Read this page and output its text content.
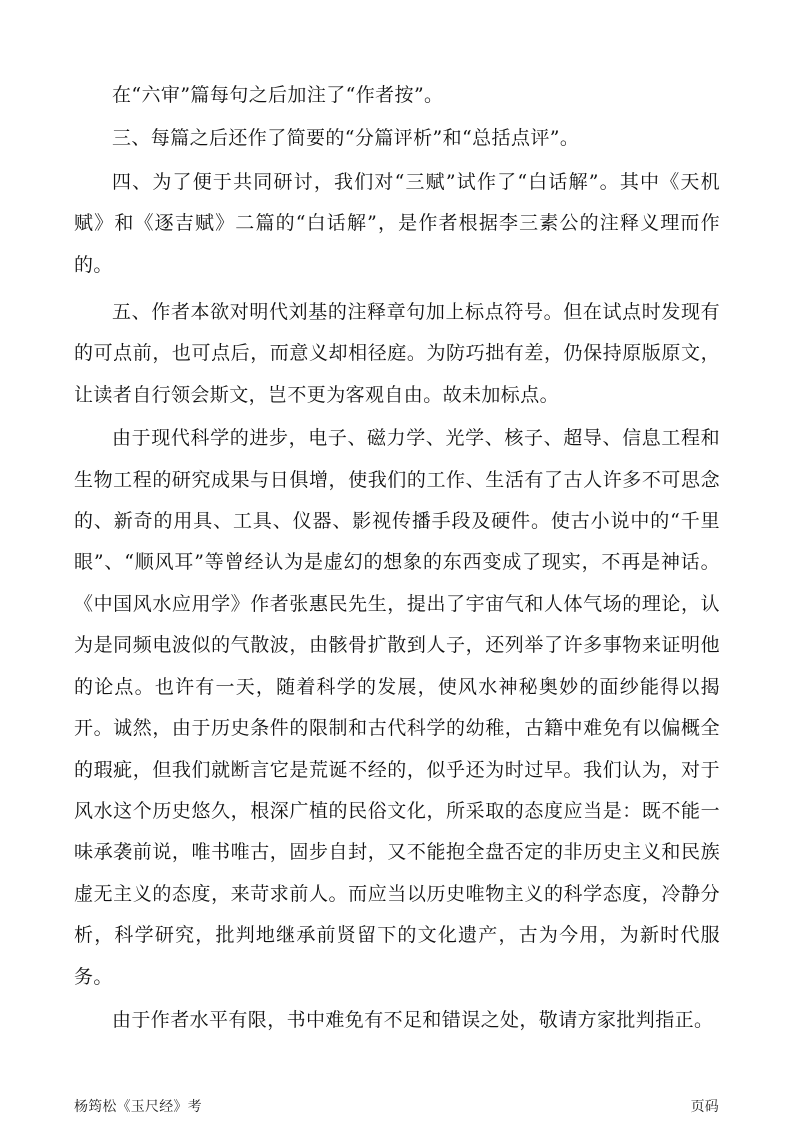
在“六审”篇每句之后加注了“作者按”。

三、每篇之后还作了简要的“分篇评析”和“总括点评”。

四、为了便于共同研讨，我们对“三赋”试作了“白话解”。其中《天机赋》和《逐吉赋》二篇的“白话解”，是作者根据李三素公的注释义理而作的。

五、作者本欲对明代刘基的注释章句加上标点符号。但在试点时发现有的可点前，也可点后，而意义却相径庭。为防巧拙有差，仍保持原版原文，让读者自行领会斯文，岂不更为客观自由。故未加标点。

由于现代科学的进步，电子、磁力学、光学、核子、超导、信息工程和生物工程的研究成果与日俱增，使我们的工作、生活有了古人许多不可思念的、新奇的用具、工具、仪器、影视传播手段及硬件。使古小说中的“千里眼”、“顺风耳”等曾经认为是虚幻的想象的东西变成了现实，不再是神话。《中国风水应用学》作者张惠民先生，提出了宇宙气和人体气场的理论，认为是同频电波似的气散波，由骸骨扩散到人子，还列举了许多事物来证明他的论点。也许有一天，随着科学的发展，使风水神秘奥妙的面纱能得以揭开。诚然，由于历史条件的限制和古代科学的幼稚，古籍中难免有以偏概全的瑕疵，但我们就断言它是荒诞不经的，似乎还为时过早。我们认为，对于风水这个历史悠久，根深广植的民俗文化，所采取的态度应当是：既不能一味承袭前说，唯书唯古，固步自封，又不能抱全盘否定的非历史主义和民族虚无主义的态度，来苛求前人。而应当以历史唯物主义的科学态度，冷静分析，科学研究，批判地继承前贤留下的文化遗产，古为今用，为新时代服务。

由于作者水平有限，书中难免有不足和错误之处，敬请方家批判指正。

杨筠松《玉尺经》考	页码
